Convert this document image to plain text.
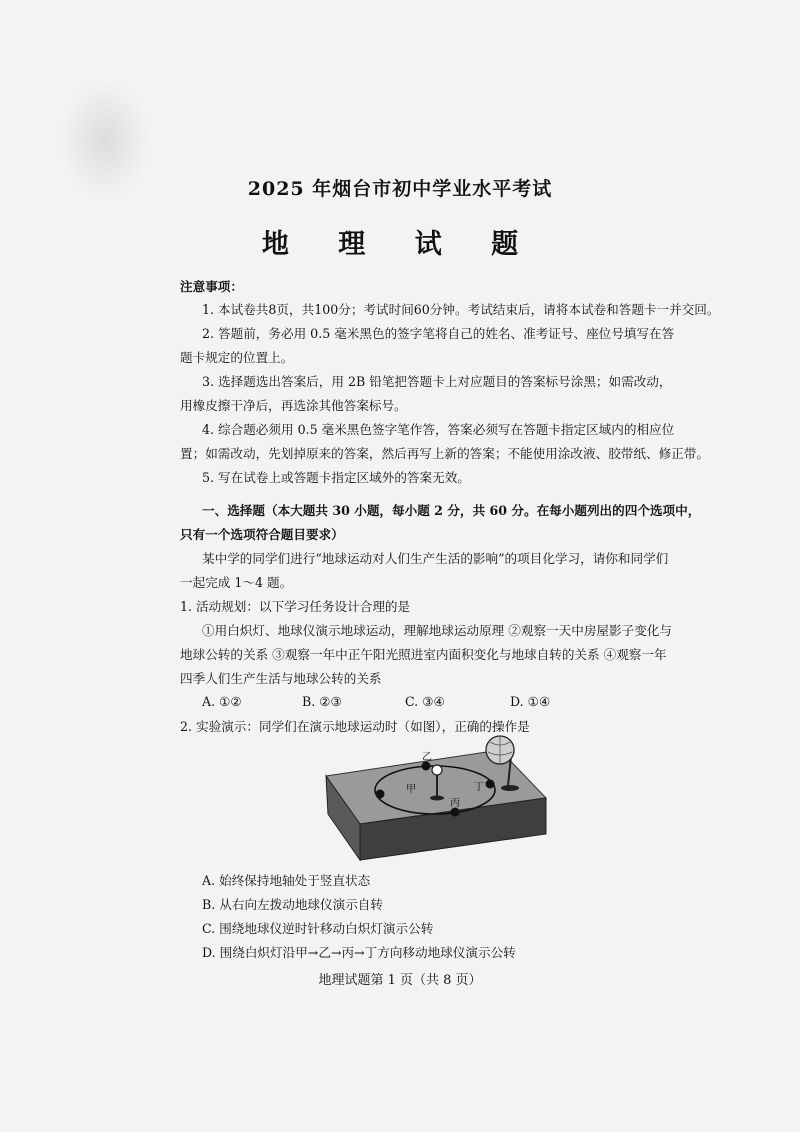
2025 年烟台市初中学业水平考试
地 理 试 题
注意事项：
1. 本试卷共8页，共100分；考试时间60分钟。考试结束后，请将本试卷和答题卡一并交回。
2. 答题前，务必用 0.5 毫米黑色的签字笔将自己的姓名、准考证号、座位号填写在答
题卡规定的位置上。
3. 选择题选出答案后，用 2B 铅笔把答题卡上对应题目的答案标号涂黑；如需改动，
用橡皮擦干净后，再选涂其他答案标号。
4. 综合题必须用 0.5 毫米黑色签字笔作答，答案必须写在答题卡指定区域内的相应位
置；如需改动，先划掉原来的答案，然后再写上新的答案；不能使用涂改液、胶带纸、修正带。
5. 写在试卷上或答题卡指定区域外的答案无效。
一、选择题（本大题共 30 小题，每小题 2 分，共 60 分。在每小题列出的四个选项中，
只有一个选项符合题目要求）
某中学的同学们进行“地球运动对人们生产生活的影响”的项目化学习，请你和同学们
一起完成 1～4 题。
1. 活动规划：以下学习任务设计合理的是
①用白炽灯、地球仪演示地球运动，理解地球运动原理 ②观察一天中房屋影子变化与
地球公转的关系 ③观察一年中正午阳光照进室内面积变化与地球自转的关系 ④观察一年
四季人们生产生活与地球公转的关系
A. ①②	B. ②③	C. ③④	D. ①④
2. 实验演示：同学们在演示地球运动时（如图），正确的操作是
甲
乙
丙
丁
A. 始终保持地轴处于竖直状态
B. 从右向左拨动地球仪演示自转
C. 围绕地球仪逆时针移动白炽灯演示公转
D. 围绕白炽灯沿甲→乙→丙→丁方向移动地球仪演示公转
地理试题第 1 页（共 8 页）
